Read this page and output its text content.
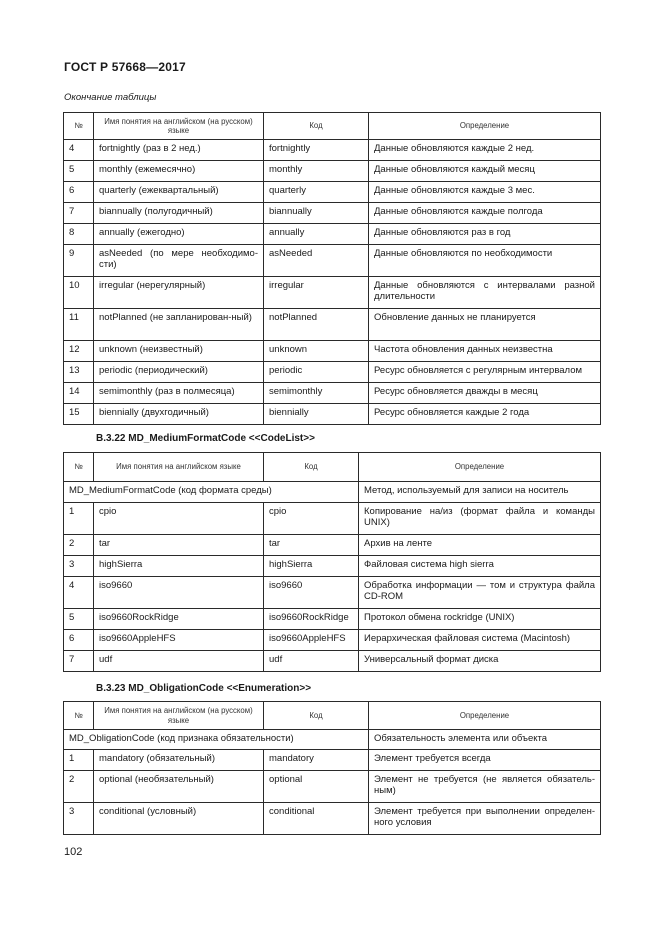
ГОСТ Р 57668—2017
Окончание таблицы
№	Имя понятия на английском (на русском) языке	Код	Определение
4	fortnightly (раз в 2 нед.)	fortnightly	Данные обновляются каждые 2 нед.
5	monthly (ежемесячно)	monthly	Данные обновляются каждый месяц
6	quarterly (ежеквартальный)	quarterly	Данные обновляются каждые 3 мес.
7	biannually (полугодичный)	biannually	Данные обновляются каждые полгода
8	annually (ежегодно)	annually	Данные обновляются раз в год
9	asNeeded (по мере необходимо-сти)	asNeeded	Данные обновляются по необходимости
10	irregular (нерегулярный)	irregular	Данные обновляются с интервалами разной длительности
11	notPlanned (не запланирован-ный)	notPlanned	Обновление данных не планируется
12	unknown (неизвестный)	unknown	Частота обновления данных неизвестна
13	periodic (периодический)	periodic	Ресурс обновляется с регулярным интервалом
14	semimonthly (раз в полмесяца)	semimonthly	Ресурс обновляется дважды в месяц
15	biennially (двухгодичный)	biennially	Ресурс обновляется каждые 2 года
B.3.22 MD_MediumFormatCode <<CodeList>>
№	Имя понятия на английском языке	Код	Определение
MD_MediumFormatCode (код формата среды)			Метод, используемый для записи на носитель
1	cpio	cpio	Копирование на/из (формат файла и команды UNIX)
2	tar	tar	Архив на ленте
3	highSierra	highSierra	Файловая система high sierra
4	iso9660	iso9660	Обработка информации — том и структура файла CD-ROM
5	iso9660RockRidge	iso9660RockRidge	Протокол обмена rockridge (UNIX)
6	iso9660AppleHFS	iso9660AppleHFS	Иерархическая файловая система (Macintosh)
7	udf	udf	Универсальный формат диска
B.3.23 MD_ObligationCode <<Enumeration>>
№	Имя понятия на английском (на русском) языке	Код	Определение
MD_ObligationCode (код признака обязательности)			Обязательность элемента или объекта
1	mandatory (обязательный)	mandatory	Элемент требуется всегда
2	optional (необязательный)	optional	Элемент не требуется (не является обязатель-ным)
3	conditional (условный)	conditional	Элемент требуется при выполнении определен-ного условия
102
